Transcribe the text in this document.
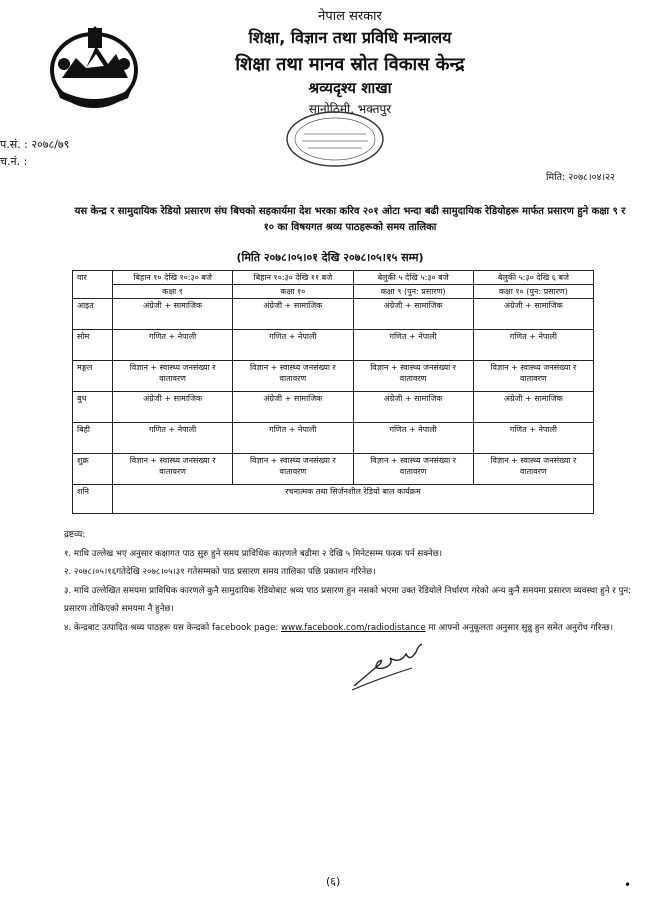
नेपाल सरकार
शिक्षा, विज्ञान तथा प्रविधि मन्त्रालय
शिक्षा तथा मानव स्रोत विकास केन्द्र
श्रव्यदृश्य शाखा
सानोठिमी, भक्तपुर
प.सं. : २०७८/७९
च.नं. :
मिति: २०७८।०४।२२
यस केन्द्र र सामुदायिक रेडियो प्रसारण संघ बिचको सहकार्यमा देश भरका करिव २०१ ओटा भन्दा बढी सामुदायिक रेडियोहरू मार्फत प्रसारण हुने कक्षा ९ र १० का विषयगत श्रव्य पाठहरूको समय तालिका
(मिति २०७८।०५।०१ देखि २०७८।०५।१५ सम्म)
वार	बिहान १० देखि १०:३० बजे	बिहान १०:३० देखि ११ बजे	बेलुकी ५ देखि ५:३० बजे	बेलुकी ५:३० देखि ६ बजे
	कक्षा ९	कक्षा १०	कक्षा ९ (पुन: प्रसारण)	कक्षा १० (पुन: प्रसारण)
आइत	अंग्रेजी + सामाजिक	अंग्रेजी + सामाजिक	अंग्रेजी + सामाजिक	अंग्रेजी + सामाजिक
सोम	गणित + नेपाली	गणित + नेपाली	गणित + नेपाली	गणित + नेपाली
मङ्गल	विज्ञान + स्वास्थ्य जनसंख्या र वातावरण	विज्ञान + स्वास्थ्य जनसंख्या र वातावरण	विज्ञान + स्वास्थ्य जनसंख्या र वातावरण	विज्ञान + स्वास्थ्य जनसंख्या र वातावरण
बुध	अंग्रेजी + सामाजिक	अंग्रेजी + सामाजिक	अंग्रेजी + सामाजिक	अंग्रेजी + सामाजिक
बिही	गणित + नेपाली	गणित + नेपाली	गणित + नेपाली	गणित + नेपाली
शुक्र	विज्ञान + स्वास्थ्य जनसंख्या र वातावरण	विज्ञान + स्वास्थ्य जनसंख्या र वातावरण	विज्ञान + स्वास्थ्य जनसंख्या र वातावरण	विज्ञान + स्वास्थ्य जनसंख्या र वातावरण
शनि	रचनात्मक तथा सिर्जनशील रेडियो बाल कार्यक्रम			
द्रष्टव्य:
१. माथि उल्लेख भए अनुसार कक्षागत पाठ सुरु हुने समय प्राविधिक कारणले बढीमा २ देखि ५ मिनेटसम्म फरक पर्न सक्नेछ।
२. २०७८।०५।१६गतेदेखि २०७८।०५।३१ गतेसम्मको पाठ प्रसारण समय तालिका पछि प्रकाशन गरिनेछ।
३. माथि उल्लेखित समयमा प्राविधिक कारणले कुनै सामुदायिक रेडियोबाट श्रव्य पाठ प्रसारण हुन नसको भएमा उक्त रेडियोले निर्धारण गरेको अन्य कुनै समयमा प्रसारण व्यवस्था हुने र पुन: प्रसारण तोकिएको समयमा नै हुनेछ।
४. केन्द्रबाट उत्पादित श्रव्य पाठहरू यस केन्द्रको facebook page: www.facebook.com/radiodistance मा आफ्नो अनुकूलता अनुसार सुन्नु हुन समेत अनुरोध गरिन्छ।
(६)	•
